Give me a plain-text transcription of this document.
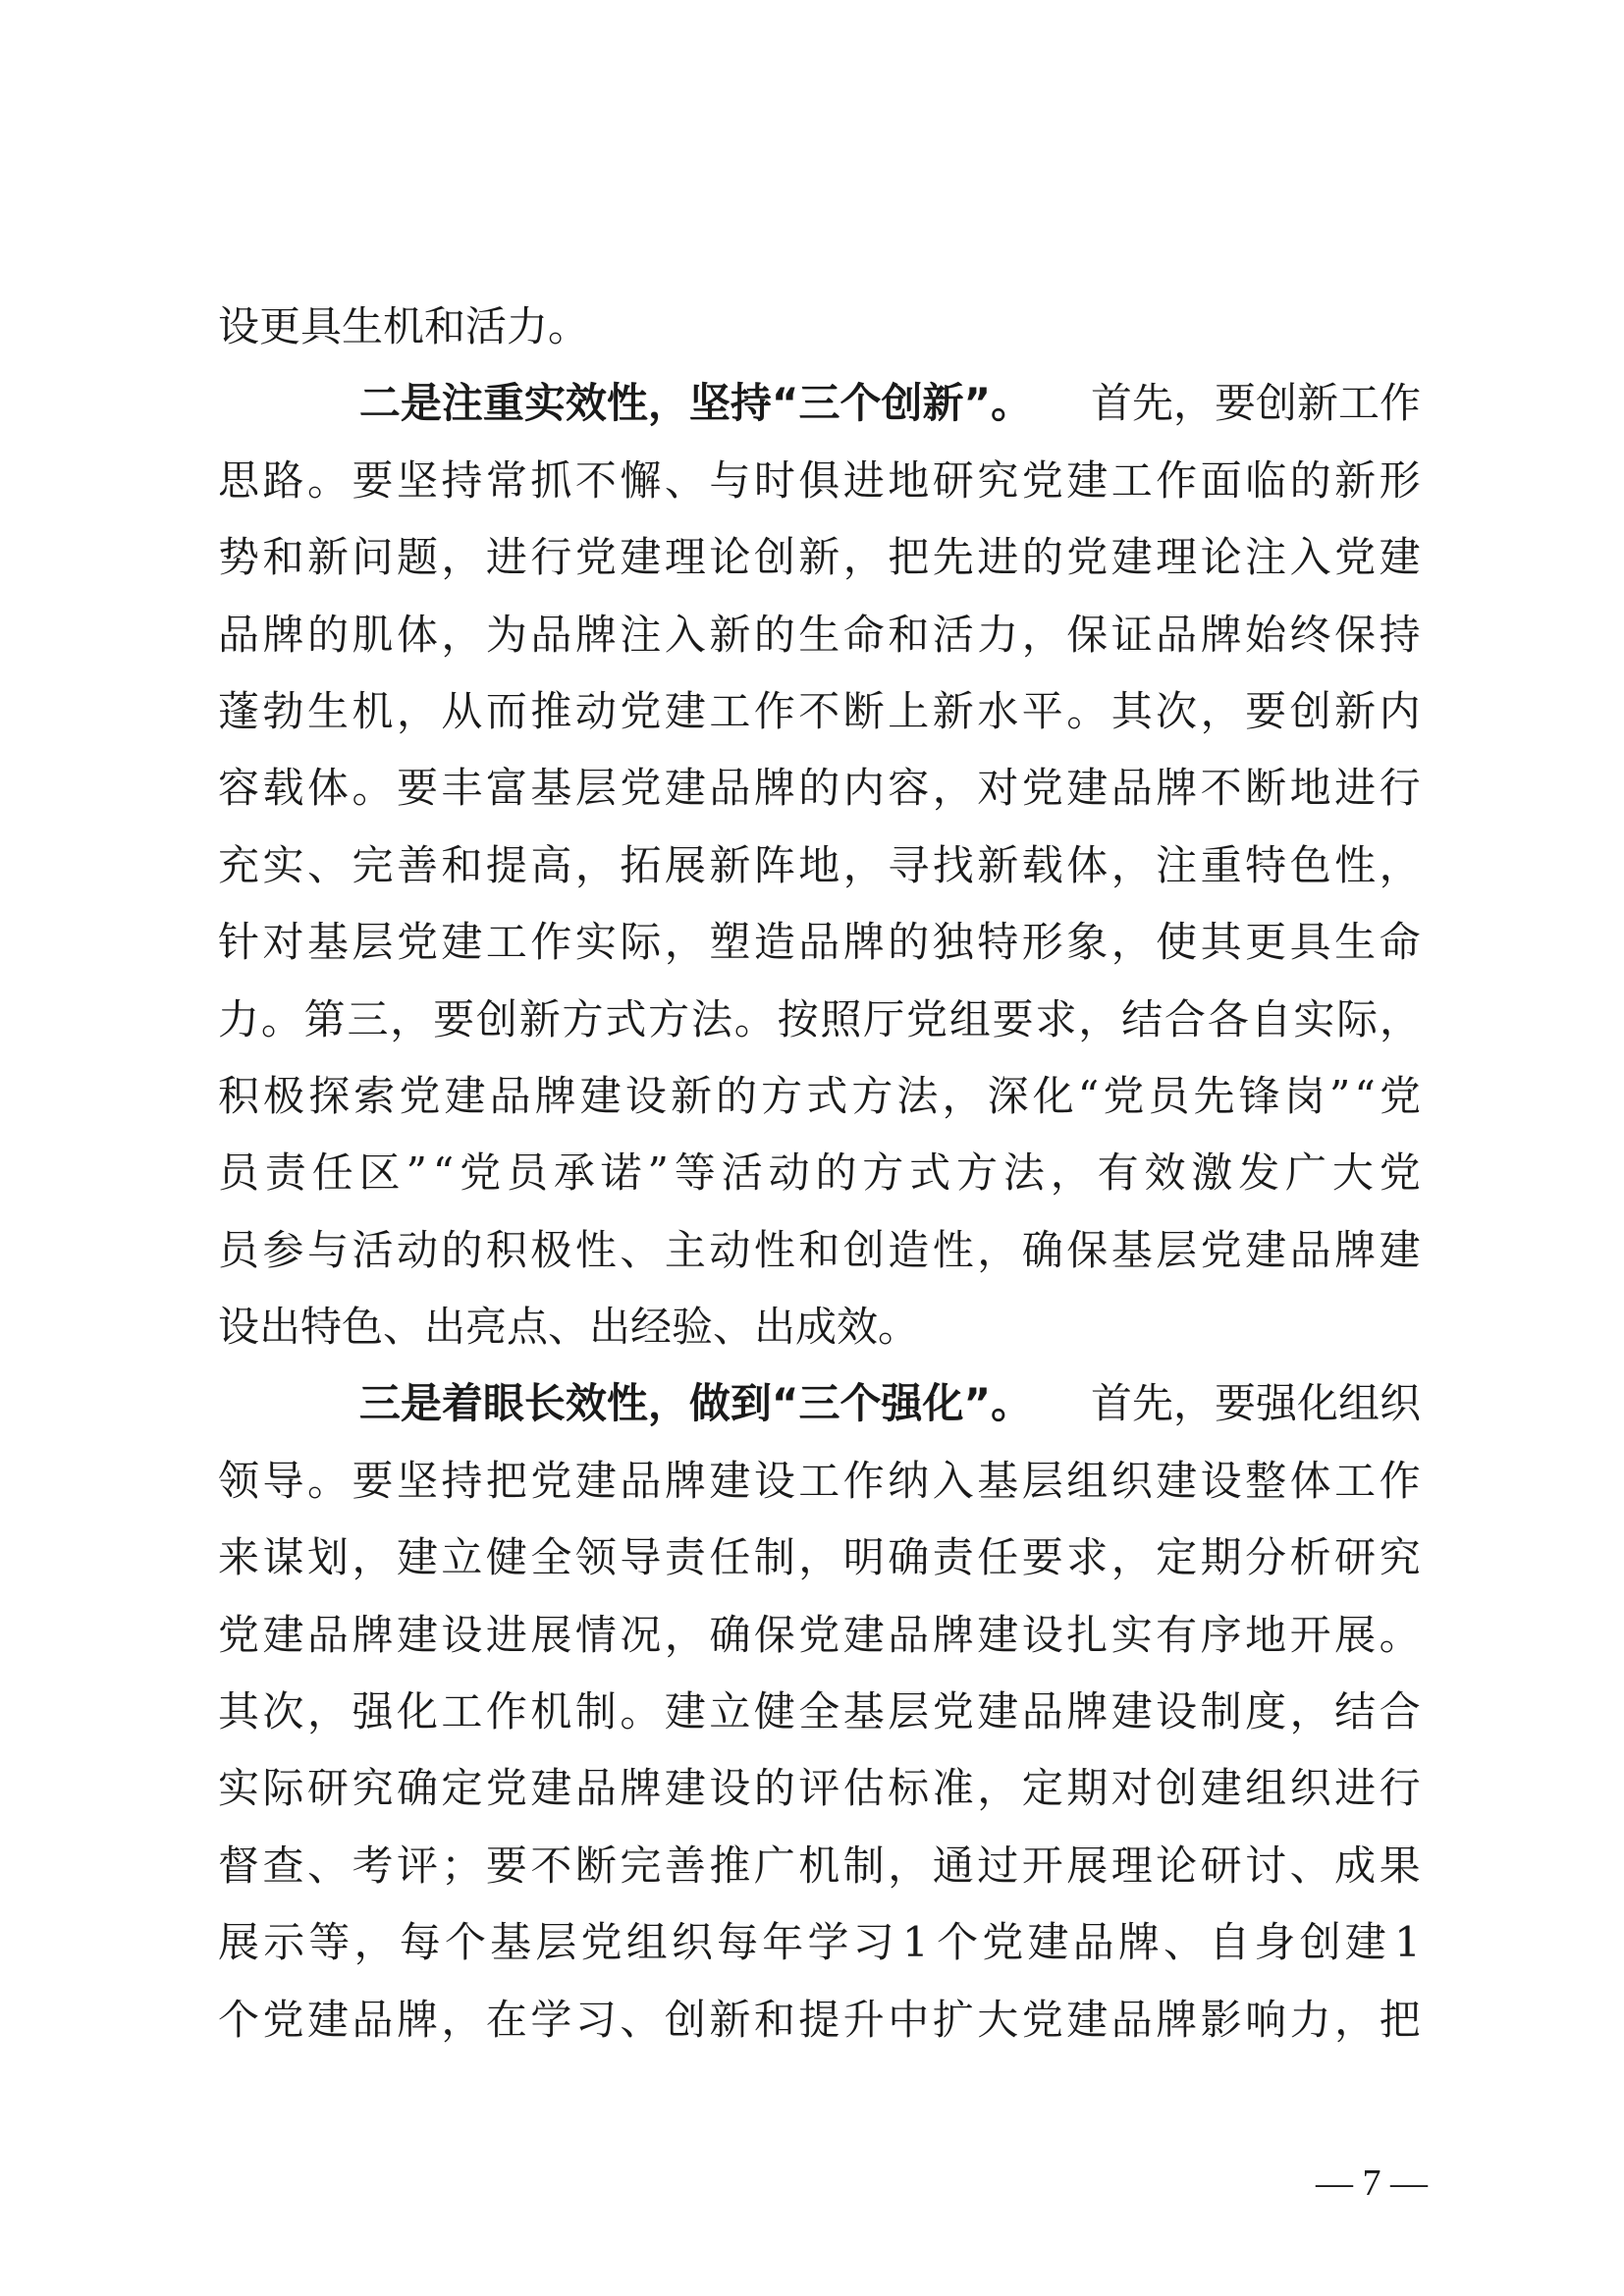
设更具生机和活力。
二是注重实效性，坚持“三个创新”。 首先，要创新工作
思 路 。 要 坚 持 常 抓 不 懈 、 与 时 俱 进 地 研 究 党 建 工 作 面 临 的 新 形
势 和 新 问 题 ， 进 行 党 建 理 论 创 新 ， 把 先 进 的 党 建 理 论 注 入 党 建
品 牌 的 肌 体 ， 为 品 牌 注 入 新 的 生 命 和 活 力 ， 保 证 品 牌 始 终 保 持
蓬 勃 生 机 ， 从 而 推 动 党 建 工 作 不 断 上 新 水 平 。 其 次 ， 要 创 新 内
容 载 体 。 要 丰 富 基 层 党 建 品 牌 的 内 容 ， 对 党 建 品 牌 不 断 地 进 行
充 实 、 完 善 和 提 高 ， 拓 展 新 阵 地 ， 寻 找 新 载 体 ， 注 重 特 色 性 ，
针 对 基 层 党 建 工 作 实 际 ， 塑 造 品 牌 的 独 特 形 象 ， 使 其 更 具 生 命
力 。 第 三 ， 要 创 新 方 式 方 法 。 按 照 厅 党 组 要 求 ， 结 合 各 自 实 际 ，
积 极 探 索 党 建 品 牌 建 设 新 的 方 式 方 法 ， 深 化 “ 党 员 先 锋 岗 ” “ 党
员 责 任 区 ” “ 党 员 承 诺 ” 等 活 动 的 方 式 方 法 ， 有 效 激 发 广 大 党
员 参 与 活 动 的 积 极 性 、 主 动 性 和 创 造 性 ， 确 保 基 层 党 建 品 牌 建
设出特色、出亮点、出经验、出成效。
三是着眼长效性，做到“三个强化”。 首先，要强化组织
领 导 。 要 坚 持 把 党 建 品 牌 建 设 工 作 纳 入 基 层 组 织 建 设 整 体 工 作
来 谋 划 ， 建 立 健 全 领 导 责 任 制 ， 明 确 责 任 要 求 ， 定 期 分 析 研 究
党 建 品 牌 建 设 进 展 情 况 ， 确 保 党 建 品 牌 建 设 扎 实 有 序 地 开 展 。
其 次 ， 强 化 工 作 机 制 。 建 立 健 全 基 层 党 建 品 牌 建 设 制 度 ， 结 合
实 际 研 究 确 定 党 建 品 牌 建 设 的 评 估 标 准 ， 定 期 对 创 建 组 织 进 行
督 查 、 考 评 ； 要 不 断 完 善 推 广 机 制 ， 通 过 开 展 理 论 研 讨 、 成 果
展 示 等 ， 每 个 基 层 党 组 织 每 年 学 习 1 个 党 建 品 牌 、 自 身 创 建 1
个 党 建 品 牌 ， 在 学 习 、 创 新 和 提 升 中 扩 大 党 建 品 牌 影 响 力 ， 把
— 7 —
